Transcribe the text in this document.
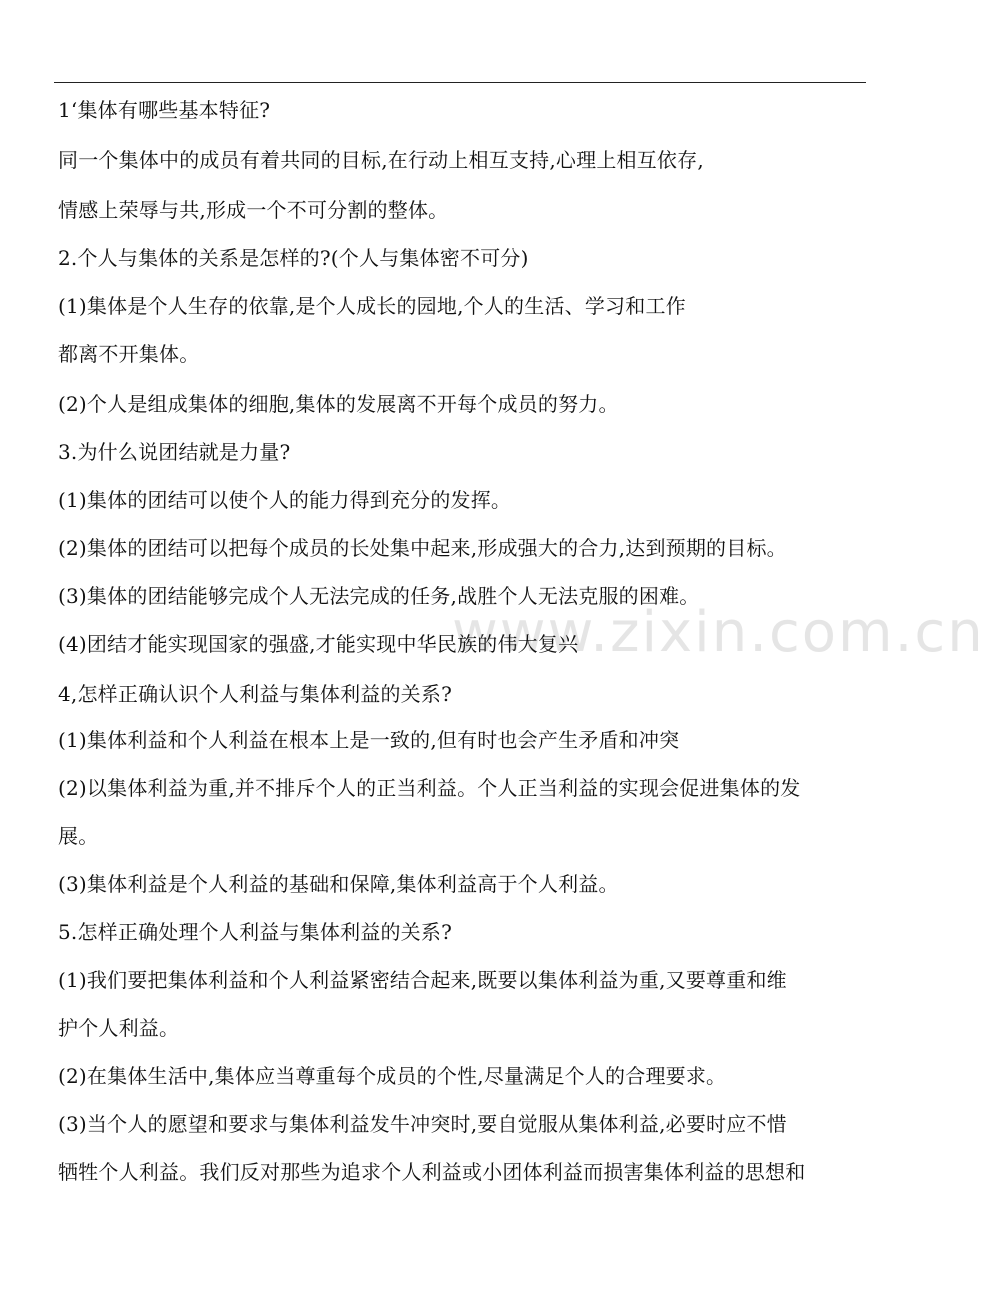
www.zixin.com.cn
1‘集体有哪些基本特征?
同一个集体中的成员有着共同的目标,在行动上相互支持,心理上相互依存,
情感上荣辱与共,形成一个不可分割的整体。
2.个人与集体的关系是怎样的?(个人与集体密不可分)
(1)集体是个人生存的依靠,是个人成长的园地,个人的生活、学习和工作
都离不开集体。
(2)个人是组成集体的细胞,集体的发展离不开每个成员的努力。
3.为什么说团结就是力量?
(1)集体的团结可以使个人的能力得到充分的发挥。
(2)集体的团结可以把每个成员的长处集中起来,形成强大的合力,达到预期的目标。
(3)集体的团结能够完成个人无法完成的任务,战胜个人无法克服的困难。
(4)团结才能实现国家的强盛,才能实现中华民族的伟大复兴
4,怎样正确认识个人利益与集体利益的关系?
(1)集体利益和个人利益在根本上是一致的,但有时也会产生矛盾和冲突
(2)以集体利益为重,并不排斥个人的正当利益。个人正当利益的实现会促进集体的发
展。
(3)集体利益是个人利益的基础和保障,集体利益高于个人利益。
5.怎样正确处理个人利益与集体利益的关系?
(1)我们要把集体利益和个人利益紧密结合起来,既要以集体利益为重,又要尊重和维
护个人利益。
(2)在集体生活中,集体应当尊重每个成员的个性,尽量满足个人的合理要求。
(3)当个人的愿望和要求与集体利益发牛冲突时,要自觉服从集体利益,必要时应不惜
牺牲个人利益。我们反对那些为追求个人利益或小团体利益而损害集体利益的思想和
